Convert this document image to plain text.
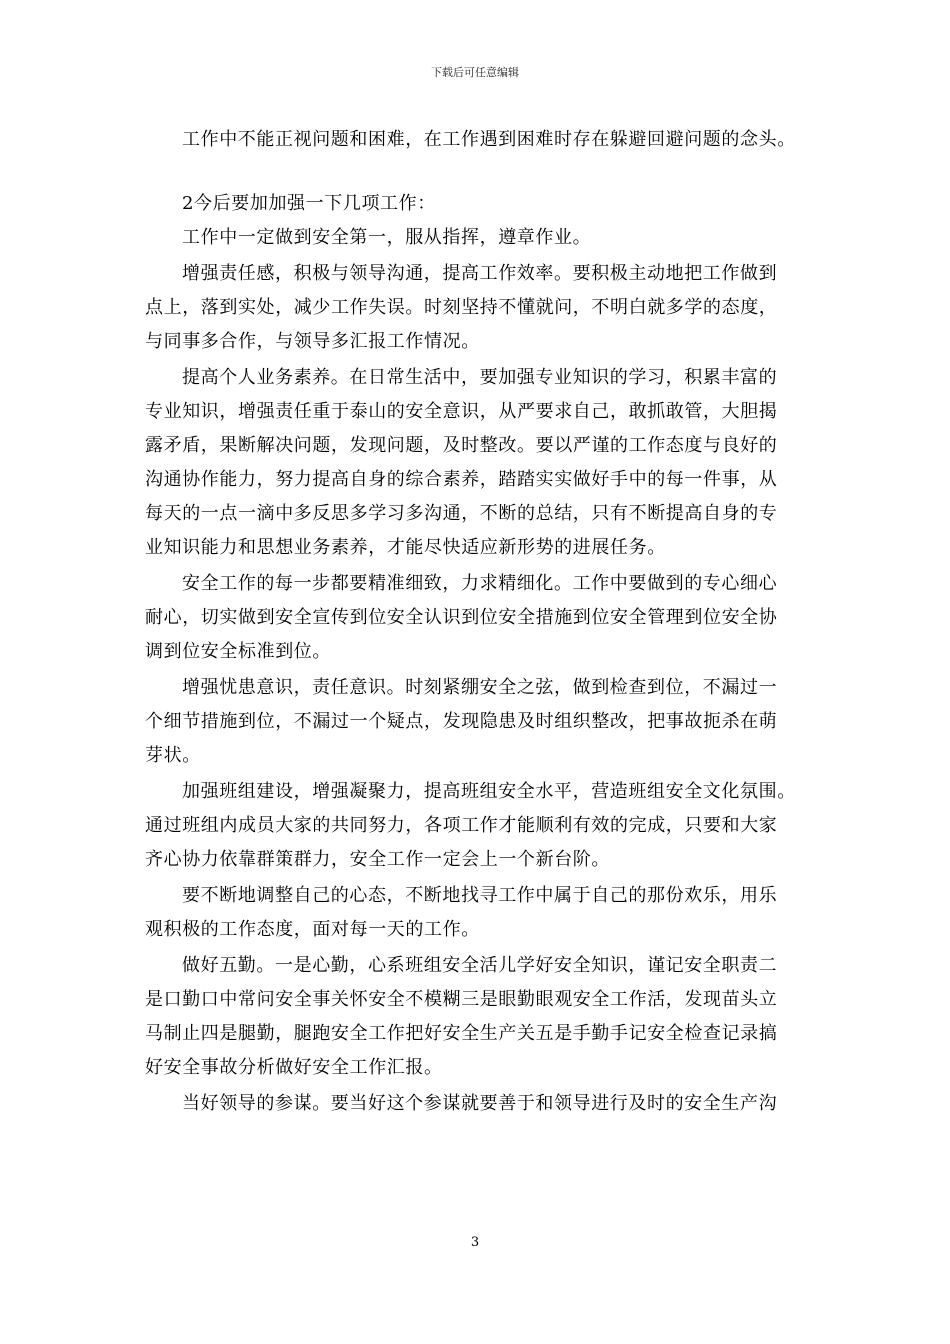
下载后可任意编辑
工作中不能正视问题和困难，在工作遇到困难时存在躲避回避问题的念头。
2今后要加加强一下几项工作：
工作中一定做到安全第一，服从指挥，遵章作业。
增强责任感，积极与领导沟通，提高工作效率。要积极主动地把工作做到
点上，落到实处，减少工作失误。时刻坚持不懂就问，不明白就多学的态度，
与同事多合作，与领导多汇报工作情况。
提高个人业务素养。在日常生活中，要加强专业知识的学习，积累丰富的
专业知识，增强责任重于泰山的安全意识，从严要求自己，敢抓敢管，大胆揭
露矛盾，果断解决问题，发现问题，及时整改。要以严谨的工作态度与良好的
沟通协作能力，努力提高自身的综合素养，踏踏实实做好手中的每一件事，从
每天的一点一滴中多反思多学习多沟通，不断的总结，只有不断提高自身的专
业知识能力和思想业务素养，才能尽快适应新形势的进展任务。
安全工作的每一步都要精准细致，力求精细化。工作中要做到的专心细心
耐心，切实做到安全宣传到位安全认识到位安全措施到位安全管理到位安全协
调到位安全标准到位。
增强忧患意识，责任意识。时刻紧绷安全之弦，做到检查到位，不漏过一
个细节措施到位，不漏过一个疑点，发现隐患及时组织整改，把事故扼杀在萌
芽状。
加强班组建设，增强凝聚力，提高班组安全水平，营造班组安全文化氛围。
通过班组内成员大家的共同努力，各项工作才能顺利有效的完成，只要和大家
齐心协力依靠群策群力，安全工作一定会上一个新台阶。
要不断地调整自己的心态，不断地找寻工作中属于自己的那份欢乐，用乐
观积极的工作态度，面对每一天的工作。
做好五勤。一是心勤，心系班组安全活儿学好安全知识，谨记安全职责二
是口勤口中常问安全事关怀安全不模糊三是眼勤眼观安全工作活，发现苗头立
马制止四是腿勤，腿跑安全工作把好安全生产关五是手勤手记安全检查记录搞
好安全事故分析做好安全工作汇报。
当好领导的参谋。要当好这个参谋就要善于和领导进行及时的安全生产沟
3
